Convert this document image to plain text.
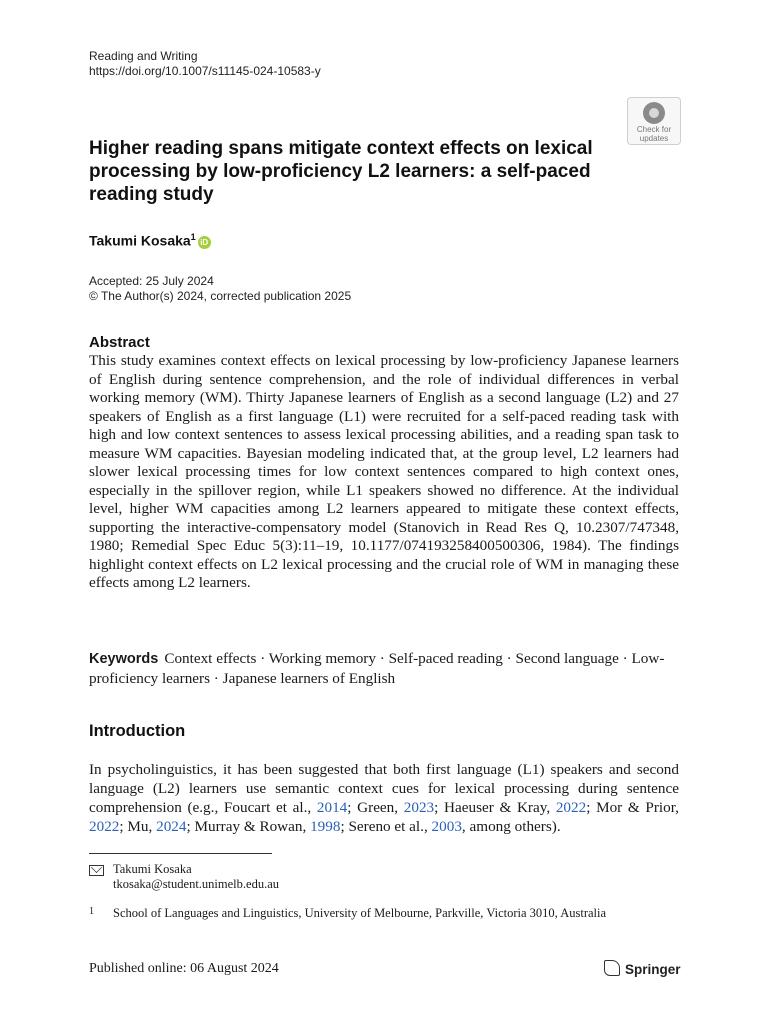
Reading and Writing
https://doi.org/10.1007/s11145-024-10583-y
Check for
updates
Higher reading spans mitigate context effects on lexical processing by low-proficiency L2 learners: a self-paced reading study
Takumi Kosaka$^1$iD
Accepted: 25 July 2024
© The Author(s) 2024, corrected publication 2025
Abstract
This study examines context effects on lexical processing by low-proficiency Japanese learners of English during sentence comprehension, and the role of individual differences in verbal working memory (WM). Thirty Japanese learners of English as a second language (L2) and 27 speakers of English as a first language (L1) were recruited for a self-paced reading task with high and low context sentences to assess lexical processing abilities, and a reading span task to measure WM capacities. Bayesian modeling indicated that, at the group level, L2 learners had slower lexical processing times for low context sentences compared to high context ones, especially in the spillover region, while L1 speakers showed no difference. At the individual level, higher WM capacities among L2 learners appeared to mitigate these context effects, supporting the interactive-compensatory model (Stanovich in Read Res Q, 10.2307/747348, 1980; Remedial Spec Educ 5(3):11–19, 10.1177/074193258400500306, 1984). The findings highlight context effects on L2 lexical processing and the crucial role of WM in managing these effects among L2 learners.
Keywords Context effects · Working memory · Self-paced reading · Second language · Low-proficiency learners · Japanese learners of English
Introduction
In psycholinguistics, it has been suggested that both first language (L1) speakers and second language (L2) learners use semantic context cues for lexical processing during sentence comprehension (e.g., Foucart et al., 2014; Green, 2023; Haeuser & Kray, 2022; Mor & Prior, 2022; Mu, 2024; Murray & Rowan, 1998; Sereno et al., 2003, among others).
Takumi Kosaka
tkosaka@student.unimelb.edu.au
1 School of Languages and Linguistics, University of Melbourne, Parkville, Victoria 3010, Australia
Published online: 06 August 2024	Springer
